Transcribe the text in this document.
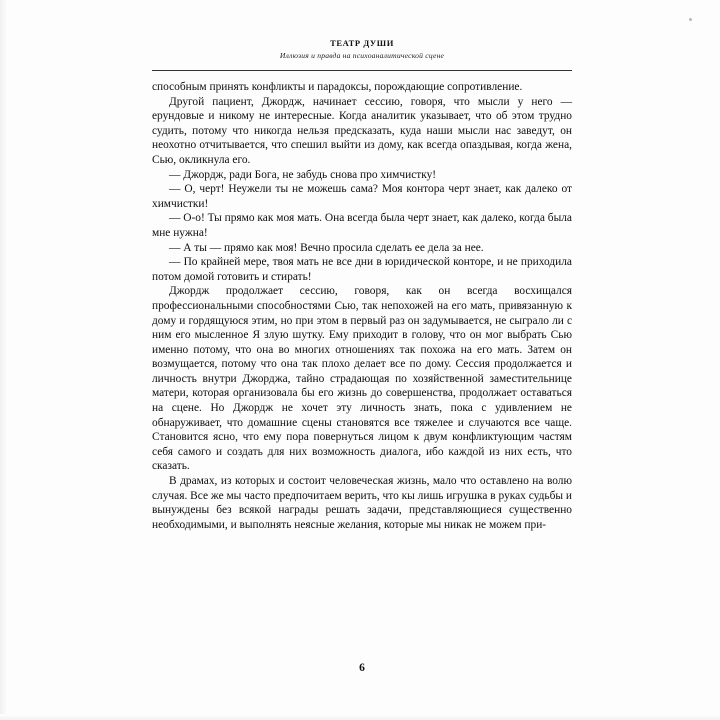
ТЕАТР ДУШИ
Иллюзия и правда на психоаналитической сцене

способным принять конфликты и парадоксы, порождающие сопротивление.

Другой пациент, Джордж, начинает сессию, говоря, что мысли у него — ерундовые и никому не интересные. Когда аналитик указывает, что об этом трудно судить, потому что никогда нельзя предсказать, куда наши мысли нас заведут, он неохотно отчитывается, что спешил выйти из дому, как всегда опаздывая, когда жена, Сью, окликнула его.

— Джордж, ради Бога, не забудь снова про химчистку!

— О, черт! Неужели ты не можешь сама? Моя контора черт знает, как далеко от химчистки!

— О-о! Ты прямо как моя мать. Она всегда была черт знает, как далеко, когда была мне нужна!

— А ты — прямо как моя! Вечно просила сделать ее дела за нее.

— По крайней мере, твоя мать не все дни в юридической конторе, и не приходила потом домой готовить и стирать!

Джордж продолжает сессию, говоря, как он всегда восхищался профессиональными способностями Сью, так непохожей на его мать, привязанную к дому и гордящуюся этим, но при этом в первый раз он задумывается, не сыграло ли с ним его мысленное Я злую шутку. Ему приходит в голову, что он мог выбрать Сью именно потому, что она во многих отношениях так похожа на его мать. Затем он возмущается, потому что она так плохо делает все по дому. Сессия продолжается и личность внутри Джорджа, тайно страдающая по хозяйственной заместительнице матери, которая организовала бы его жизнь до совершенства, продолжает оставаться на сцене. Но Джордж не хочет эту личность знать, пока с удивлением не обнаруживает, что домашние сцены становятся все тяжелее и случаются все чаще. Становится ясно, что ему пора повернуться лицом к двум конфликтующим частям себя самого и создать для них возможность диалога, ибо каждой из них есть, что сказать.

В драмах, из которых и состоит человеческая жизнь, мало что оставлено на волю случая. Все же мы часто предпочитаем верить, что кы лишь игрушка в руках судьбы и вынуждены без всякой награды решать задачи, представляющиеся существенно необходимыми, и выполнять неясные желания, которые мы никак не можем при-

6
